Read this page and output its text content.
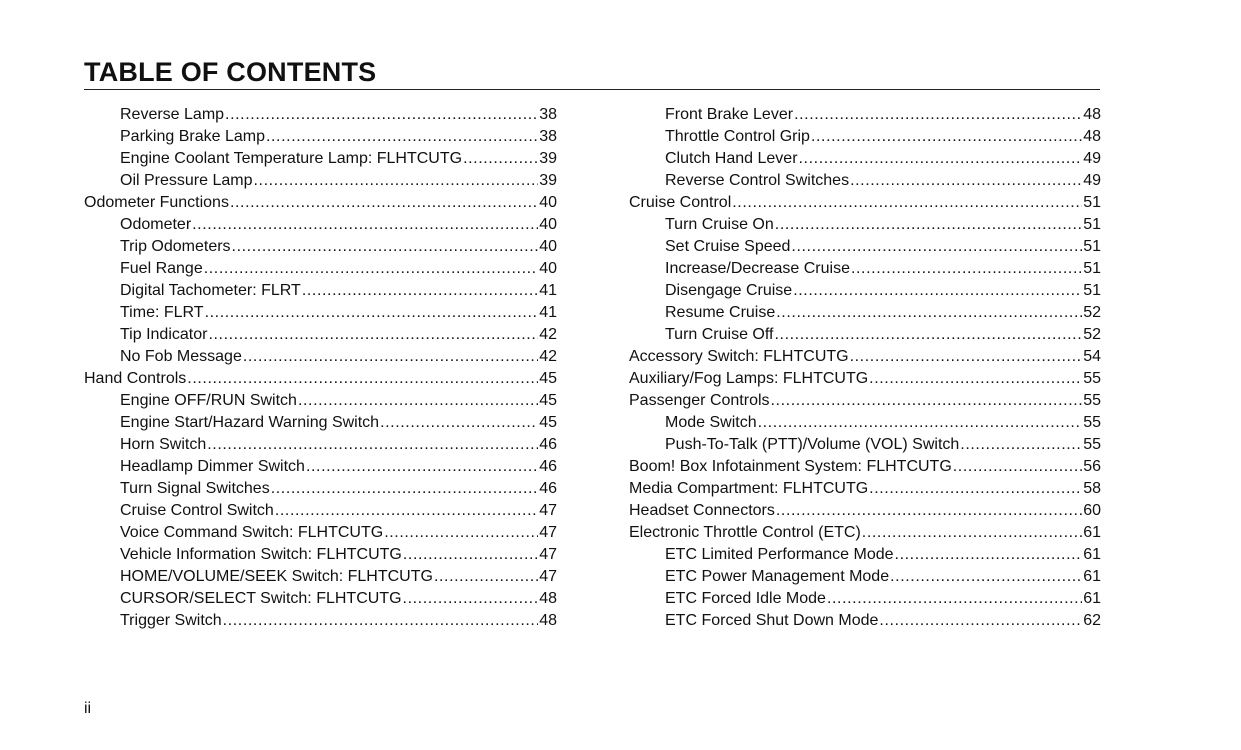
TABLE OF CONTENTS
Reverse Lamp .....	38
Parking Brake Lamp .....	38
Engine Coolant Temperature Lamp: FLHTCUTG .....	39
Oil Pressure Lamp .....	39
Odometer Functions .....	40
Odometer .....	40
Trip Odometers .....	40
Fuel Range .....	40
Digital Tachometer: FLRT .....	41
Time: FLRT .....	41
Tip Indicator .....	42
No Fob Message .....	42
Hand Controls .....	45
Engine OFF/RUN Switch .....	45
Engine Start/Hazard Warning Switch .....	45
Horn Switch .....	46
Headlamp Dimmer Switch .....	46
Turn Signal Switches .....	46
Cruise Control Switch .....	47
Voice Command Switch: FLHTCUTG .....	47
Vehicle Information Switch: FLHTCUTG .....	47
HOME/VOLUME/SEEK Switch: FLHTCUTG .....	47
CURSOR/SELECT Switch: FLHTCUTG .....	48
Trigger Switch .....	48
Front Brake Lever .....	48
Throttle Control Grip .....	48
Clutch Hand Lever .....	49
Reverse Control Switches .....	49
Cruise Control .....	51
Turn Cruise On .....	51
Set Cruise Speed .....	51
Increase/Decrease Cruise .....	51
Disengage Cruise .....	51
Resume Cruise .....	52
Turn Cruise Off .....	52
Accessory Switch: FLHTCUTG .....	54
Auxiliary/Fog Lamps: FLHTCUTG .....	55
Passenger Controls .....	55
Mode Switch .....	55
Push-To-Talk (PTT)/Volume (VOL) Switch .....	55
Boom! Box Infotainment System: FLHTCUTG .....	56
Media Compartment: FLHTCUTG .....	58
Headset Connectors .....	60
Electronic Throttle Control (ETC) .....	61
ETC Limited Performance Mode .....	61
ETC Power Management Mode .....	61
ETC Forced Idle Mode .....	61
ETC Forced Shut Down Mode .....	62
ii
